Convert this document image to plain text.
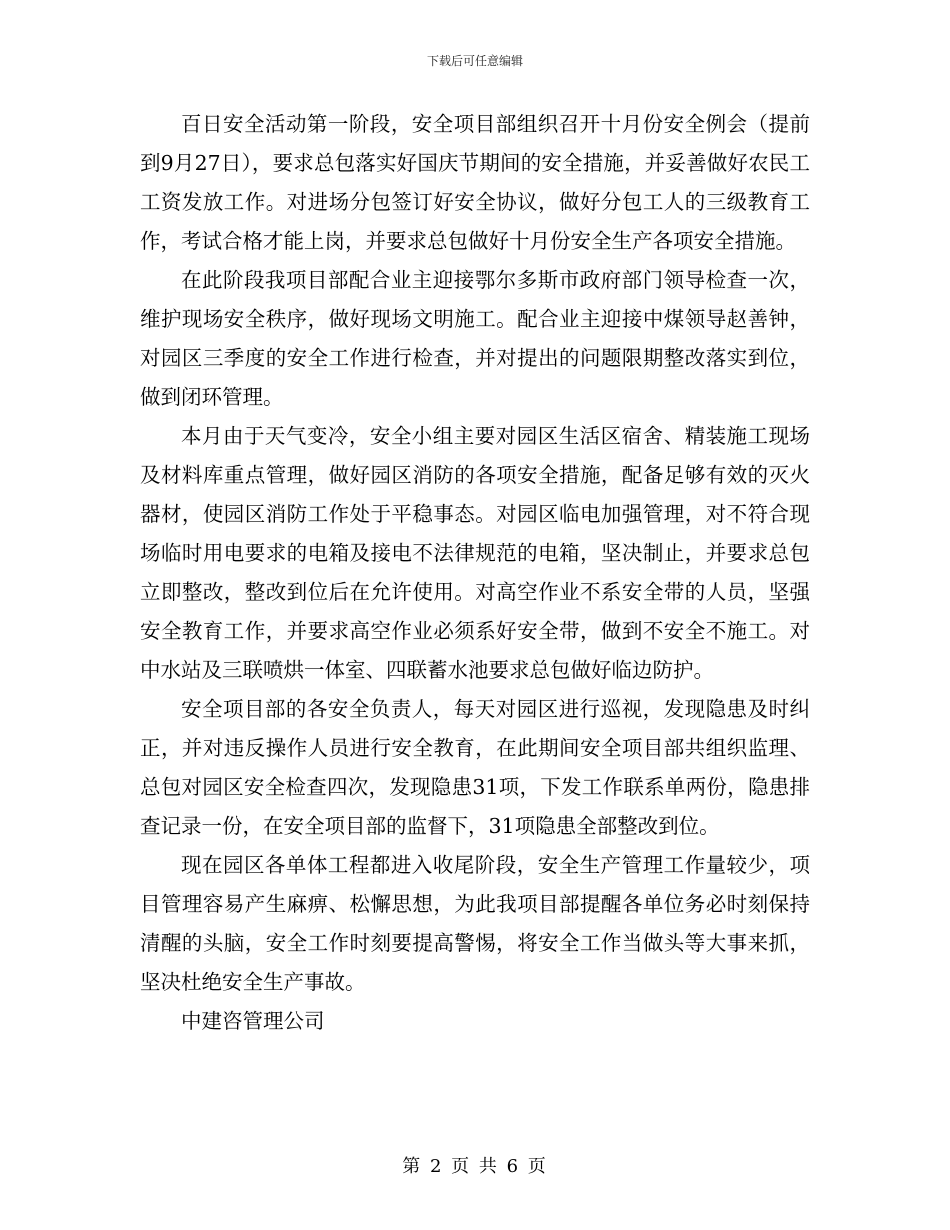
下载后可任意编辑

百日安全活动第一阶段，安全项目部组织召开十月份安全例会（提前到9月27日），要求总包落实好国庆节期间的安全措施，并妥善做好农民工工资发放工作。对进场分包签订好安全协议，做好分包工人的三级教育工作，考试合格才能上岗，并要求总包做好十月份安全生产各项安全措施。

在此阶段我项目部配合业主迎接鄂尔多斯市政府部门领导检查一次，维护现场安全秩序，做好现场文明施工。配合业主迎接中煤领导赵善钟，对园区三季度的安全工作进行检查，并对提出的问题限期整改落实到位，做到闭环管理。

本月由于天气变冷，安全小组主要对园区生活区宿舍、精装施工现场及材料库重点管理，做好园区消防的各项安全措施，配备足够有效的灭火器材，使园区消防工作处于平稳事态。对园区临电加强管理，对不符合现场临时用电要求的电箱及接电不法律规范的电箱，坚决制止，并要求总包立即整改，整改到位后在允许使用。对高空作业不系安全带的人员，坚强安全教育工作，并要求高空作业必须系好安全带，做到不安全不施工。对中水站及三联喷烘一体室、四联蓄水池要求总包做好临边防护。

安全项目部的各安全负责人，每天对园区进行巡视，发现隐患及时纠正，并对违反操作人员进行安全教育，在此期间安全项目部共组织监理、总包对园区安全检查四次，发现隐患31项，下发工作联系单两份，隐患排查记录一份，在安全项目部的监督下，31项隐患全部整改到位。

现在园区各单体工程都进入收尾阶段，安全生产管理工作量较少，项目管理容易产生麻痹、松懈思想，为此我项目部提醒各单位务必时刻保持清醒的头脑，安全工作时刻要提高警惕，将安全工作当做头等大事来抓，坚决杜绝安全生产事故。

中建咨管理公司

第 2 页 共 6 页
